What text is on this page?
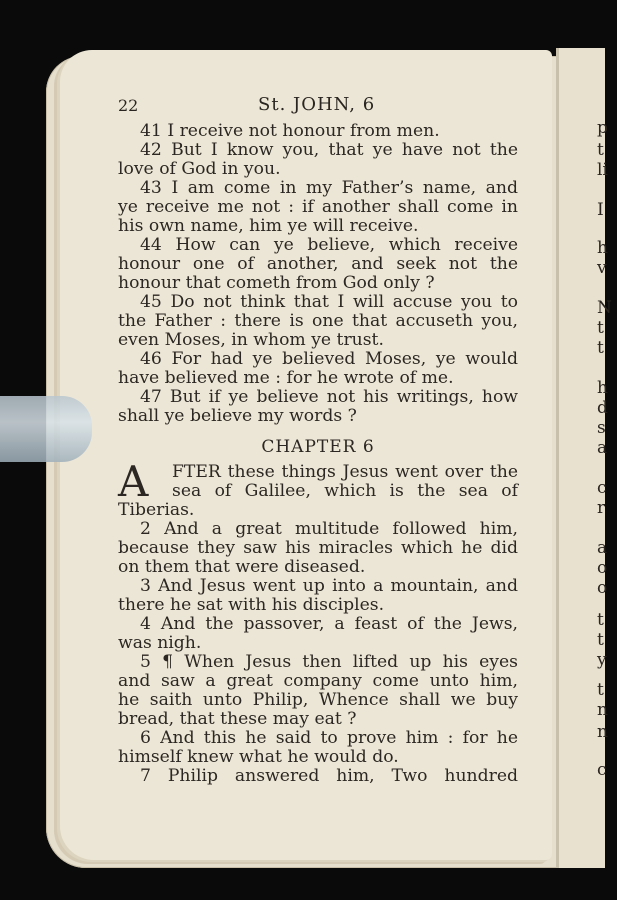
p
t
li
I
h
v
N
t
t
h
d
s
a
c
r
a
o
o
t
t
y
t
n
n
c
22	St. JOHN, 6
41 I receive not honour from men.
42 But I know you, that ye have not the
love of God in you.
43 I am come in my Father’s name, and
ye receive me not : if another shall come in
his own name, him ye will receive.
44 How can ye believe, which receive
honour one of another, and seek not the
honour that cometh from God only ?
45 Do not think that I will accuse you to
the Father : there is one that accuseth you,
even Moses, in whom ye trust.
46 For had ye believed Moses, ye would
have believed me : for he wrote of me.
47 But if ye believe not his writings, how
shall ye believe my words ?
CHAPTER 6
A	FTER these things Jesus went over the
sea of Galilee, which is the sea of
Tiberias.
2 And a great multitude followed him,
because they saw his miracles which he did
on them that were diseased.
3 And Jesus went up into a mountain, and
there he sat with his disciples.
4 And the passover, a feast of the Jews,
was nigh.
5 ¶ When Jesus then lifted up his eyes
and saw a great company come unto him,
he saith unto Philip, Whence shall we buy
bread, that these may eat ?
6 And this he said to prove him : for he
himself knew what he would do.
7 Philip answered him, Two hundred
